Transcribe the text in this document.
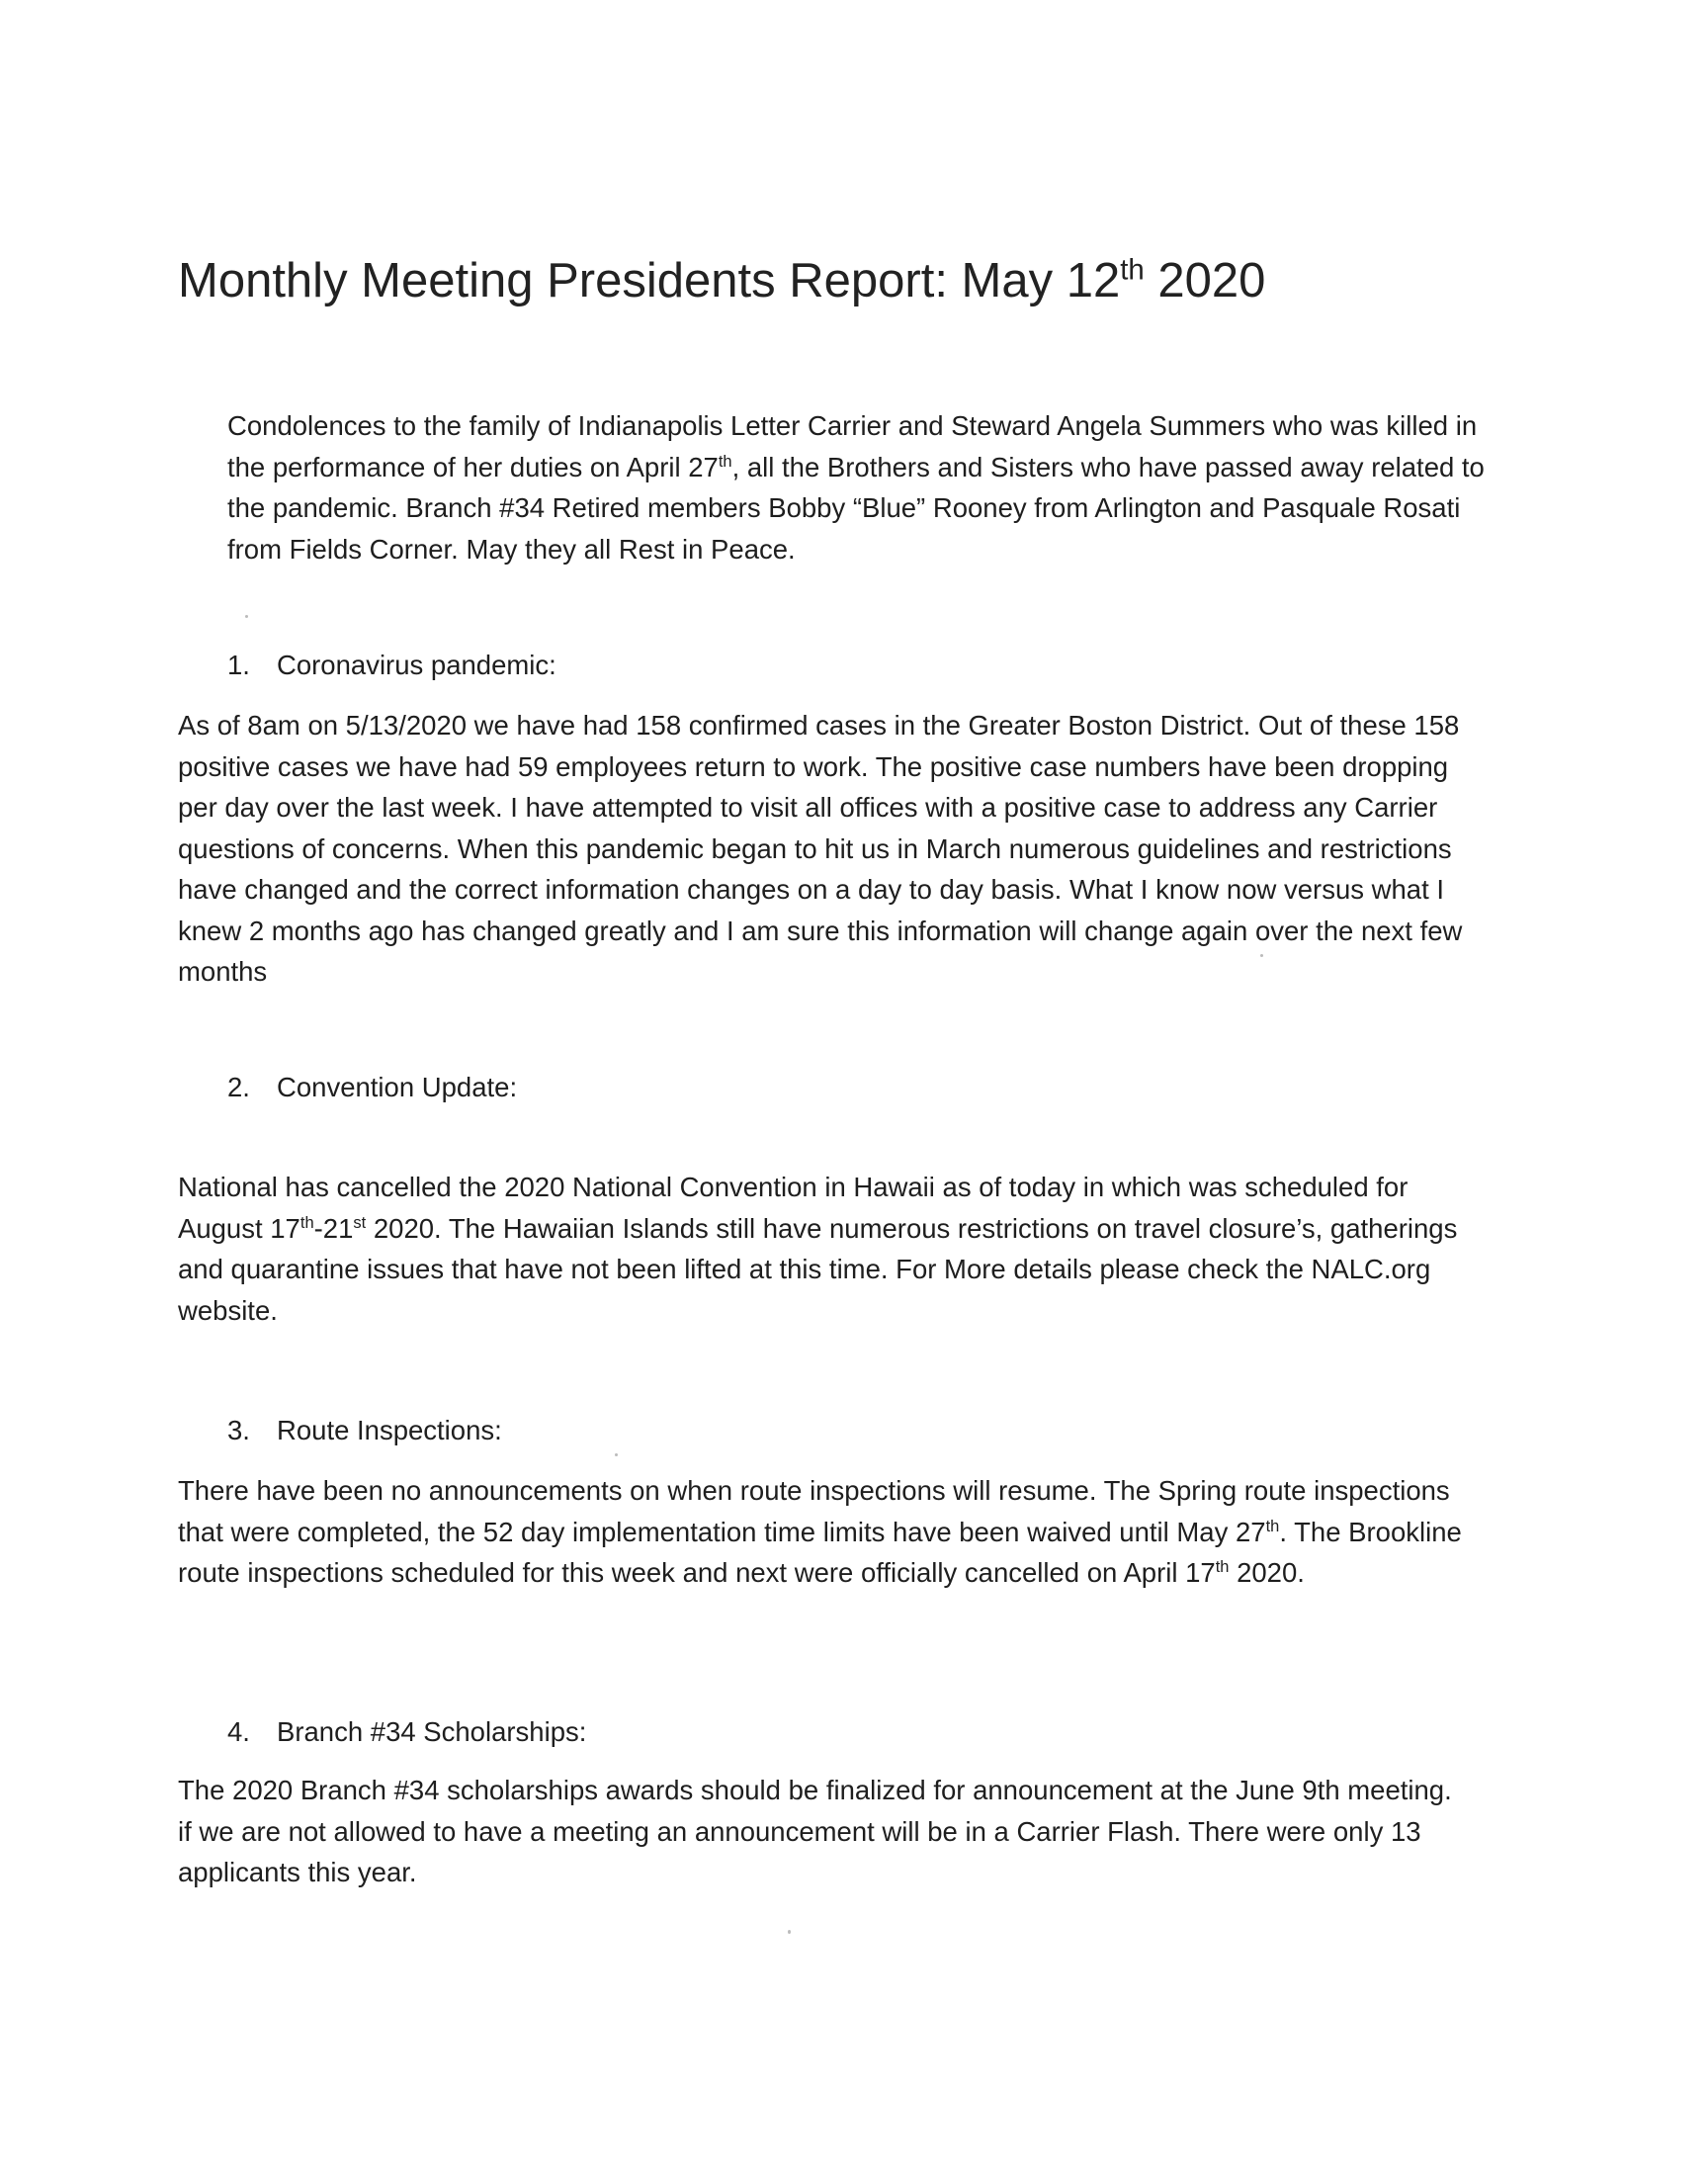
Monthly Meeting Presidents Report: May 12th 2020

Condolences to the family of Indianapolis Letter Carrier and Steward Angela Summers who was killed in the performance of her duties on April 27th, all the Brothers and Sisters who have passed away related to the pandemic. Branch #34 Retired members Bobby “Blue” Rooney from Arlington and Pasquale Rosati from Fields Corner. May they all Rest in Peace.

1. Coronavirus pandemic:

As of 8am on 5/13/2020 we have had 158 confirmed cases in the Greater Boston District. Out of these 158 positive cases we have had 59 employees return to work. The positive case numbers have been dropping per day over the last week. I have attempted to visit all offices with a positive case to address any Carrier questions of concerns. When this pandemic began to hit us in March numerous guidelines and restrictions have changed and the correct information changes on a day to day basis. What I know now versus what I knew 2 months ago has changed greatly and I am sure this information will change again over the next few months

2. Convention Update:

National has cancelled the 2020 National Convention in Hawaii as of today in which was scheduled for August 17th-21st 2020. The Hawaiian Islands still have numerous restrictions on travel closure’s, gatherings and quarantine issues that have not been lifted at this time. For More details please check the NALC.org website.

3. Route Inspections:

There have been no announcements on when route inspections will resume. The Spring route inspections that were completed, the 52 day implementation time limits have been waived until May 27th. The Brookline route inspections scheduled for this week and next were officially cancelled on April 17th 2020.

4. Branch #34 Scholarships:

The 2020 Branch #34 scholarships awards should be finalized for announcement at the June 9th meeting. if we are not allowed to have a meeting an announcement will be in a Carrier Flash. There were only 13 applicants this year.
